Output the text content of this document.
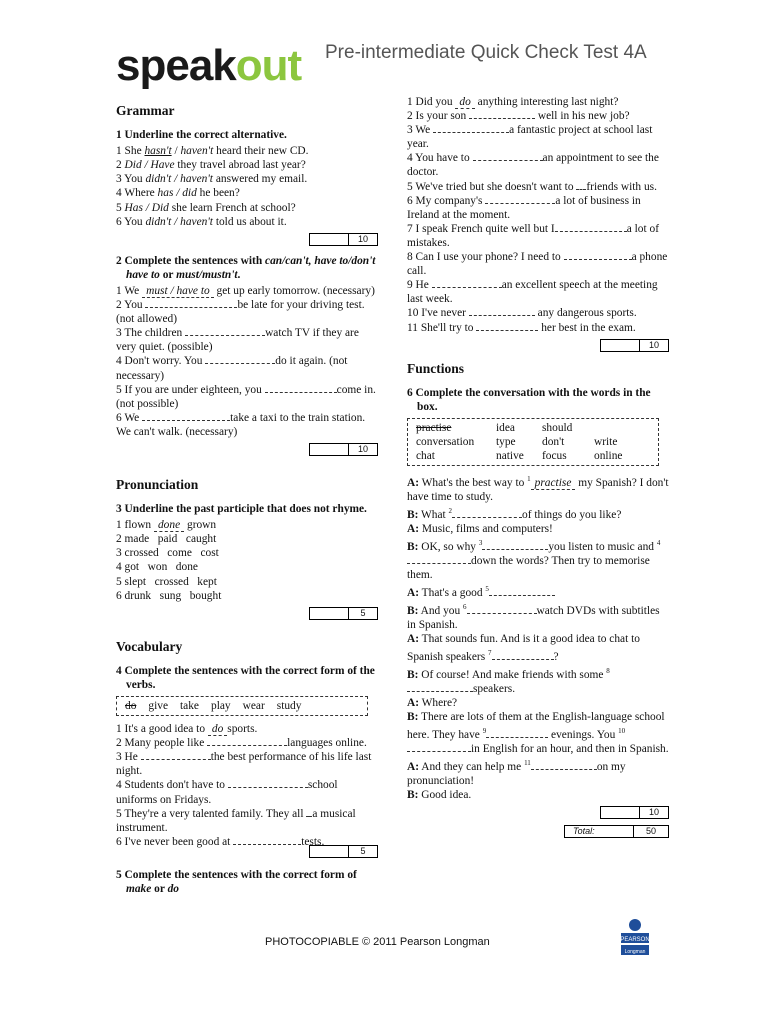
speakout Pre-intermediate Quick Check Test 4A
Grammar
1 Underline the correct alternative.
1 She hasn't / haven't heard their new CD.
2 Did / Have they travel abroad last year?
3 You didn't / haven't answered my email.
4 Where has / did he been?
5 Has / Did she learn French at school?
6 You didn't / haven't told us about it.
10
2 Complete the sentences with can/can't, have to/don't have to or must/mustn't.
1 We must / have to get up early tomorrow. (necessary)
2 You	be late for your driving test. (not allowed)
3 The children	watch TV if they are very quiet. (possible)
4 Don't worry. You	do it again. (not necessary)
5 If you are under eighteen, you	come in. (not possible)
6 We	take a taxi to the train station. We can't walk. (necessary)
10
Pronunciation
3 Underline the past participle that does not rhyme.
1 flown done grown
2 made   paid   caught
3 crossed   come   cost
4 got   won   done
5 slept   crossed   kept
6 drunk   sung   bought
5
Vocabulary
4 Complete the sentences with the correct form of the verbs.
do give take play wear study
1 It's a good idea to do sports.
2 Many people like	languages online.
3 He	the best performance of his life last night.
4 Students don't have to	school uniforms on Fridays.
5 They're a very talented family. They all a musical instrument.
6 I've never been good at	tests.
5
5 Complete the sentences with the correct form of make or do
1 Did you do anything interesting last night?
2 Is your son	well in his new job?
3 We	a fantastic project at school last year.
4 You have to	an appointment to see the doctor.
5 We've tried but she doesn't want to friends with us.
6 My company's	a lot of business in Ireland at the moment.
7 I speak French quite well but I	a lot of mistakes.
8 Can I use your phone? I need to	a phone call.
9 He	an excellent speech at the meeting last week.
10 I've never	any dangerous sports.
11 She'll try to	her best in the exam.
10
Functions
6 Complete the conversation with the words in the box.
practise	idea	should
conversation	type	don't	write
chat	native	focus	online
A: What's the best way to $^1$ practise my Spanish? I don't have time to study.
B: What $^2$	of things do you like?
A: Music, films and computers!
B: OK, so why $^3$	you listen to music and $^4$down the words? Then try to memorise them.
A: That's a good $^5$
B: And you $^6$	watch DVDs with subtitles in Spanish.
A: That sounds fun. And is it a good idea to chat to Spanish speakers $^7$	?
B: Of course! And make friends with some $^8$speakers.
A: Where?
B: There are lots of them at the English-language school here. They have $^9$	evenings. You $^{10}$in English for an hour, and then in Spanish.
A: And they can help me $^{11}$	on my pronunciation!
B: Good idea.
10
Total:	50
PHOTOCOPIABLE © 2011 Pearson Longman	PEARSON
Longman
